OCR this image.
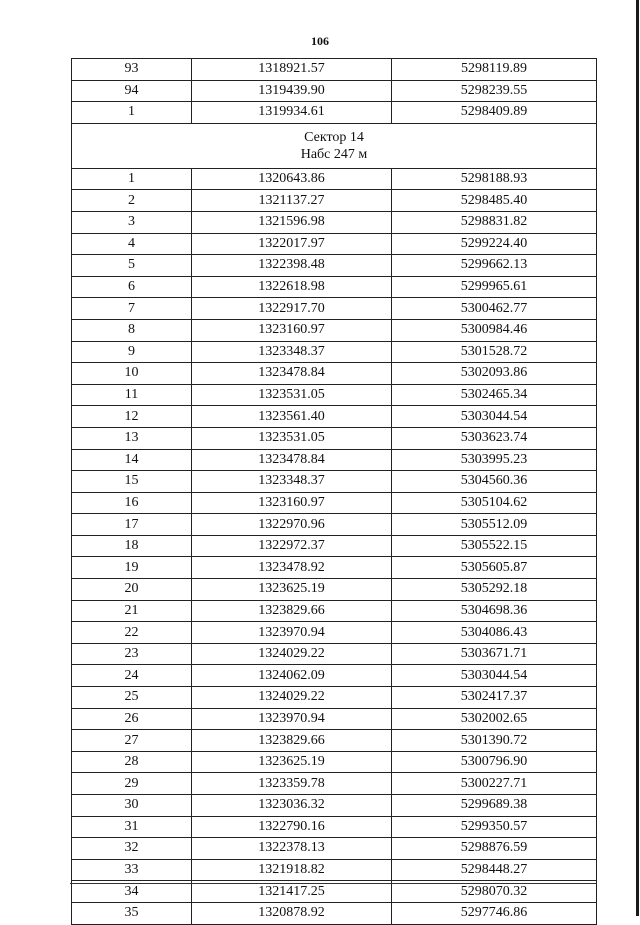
106
93	1318921.57	5298119.89
94	1319439.90	5298239.55
1	1319934.61	5298409.89

Сектор 14
Набс 247 м		

1	1320643.86	5298188.93
2	1321137.27	5298485.40
3	1321596.98	5298831.82
4	1322017.97	5299224.40
5	1322398.48	5299662.13
6	1322618.98	5299965.61
7	1322917.70	5300462.77
8	1323160.97	5300984.46
9	1323348.37	5301528.72
10	1323478.84	5302093.86
11	1323531.05	5302465.34
12	1323561.40	5303044.54
13	1323531.05	5303623.74
14	1323478.84	5303995.23
15	1323348.37	5304560.36
16	1323160.97	5305104.62
17	1322970.96	5305512.09
18	1322972.37	5305522.15
19	1323478.92	5305605.87
20	1323625.19	5305292.18
21	1323829.66	5304698.36
22	1323970.94	5304086.43
23	1324029.22	5303671.71
24	1324062.09	5303044.54
25	1324029.22	5302417.37
26	1323970.94	5302002.65
27	1323829.66	5301390.72
28	1323625.19	5300796.90
29	1323359.78	5300227.71
30	1323036.32	5299689.38
31	1322790.16	5299350.57
32	1322378.13	5298876.59
33	1321918.82	5298448.27
34	1321417.25	5298070.32
35	1320878.92	5297746.86
